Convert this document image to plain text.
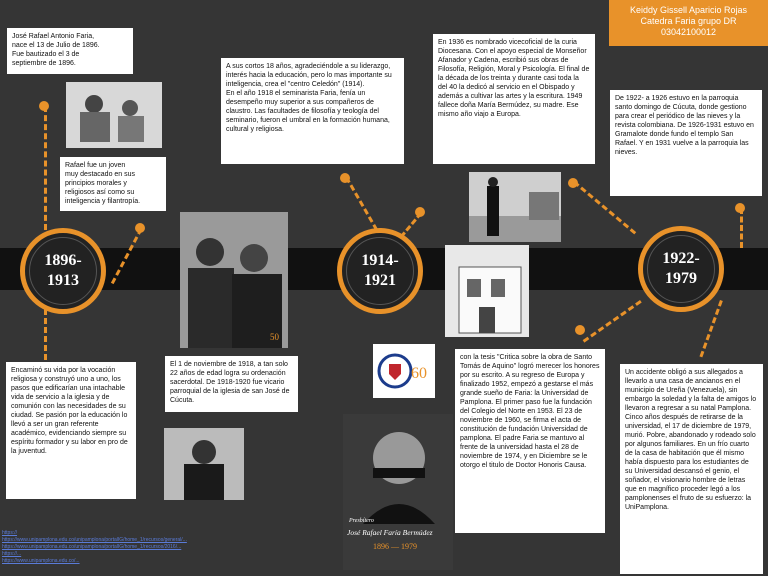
Keiddy Gissell Aparicio Rojas
Catedra Faria grupo DR
03042100012
1896-
1913
1914-
1921
1922-
1979
José Rafael Antonio Faria,
nace el 13 de Julio de 1896.
Fue bautizado el 3 de
septiembre de 1896.
Rafael fue un joven
muy destacado en sus
principios morales y
religiosos así como su
inteligencia y filantropía.
Encaminó su vida por la vocación religiosa y construyó uno a uno, los pasos que edificarían una intachable vida de servicio a la iglesia y de comunión con las necesidades de su ciudad. Se pasión por la educación lo llevó a ser un gran referente académico, evidenciando siempre su espíritu formador y su labor en pro de la juventud.
A sus cortos 18 años, agradeciéndole a su liderazgo, interés hacia la educación, pero lo mas importante su inteligencia, crea el "centro Celedón" (1914).
En el año 1918 el seminarista Faria, fenía un desempeño muy superior a sus compañeros de claustro. Las facultades de filosofía y teología del seminario, fueron el umbral en la formación humana, cultural y religiosa.
El 1 de noviembre de 1918, a tan solo 22 años de edad logra su ordenación sacerdotal. De 1918-1920 fue vicario parroquial de la iglesia de san José de Cúcuta.
En 1936 es nombrado vicecoficial de la curia Diocesana. Con el apoyo especial de Monseñor Afanador y Cadena, escribió sus obras de Filosofía, Religión, Moral y Psicología. El final de la década de los treinta y durante casi toda la del 40 la dedicó al servicio en el Obispado y además a cultivar las artes y la escritura. 1949 fallece doña María Bermúdez, su madre. Ese mismo año viajo a Europa.
De 1922- a 1926 estuvo en la parroquia santo domingo de Cúcuta, donde gestiono para crear el periódico de las nieves y la revista colombiana. De 1926-1931 estuvo en Gramalote donde fundo el templo San Rafael. Y en 1931 vuelve a la parroquia las nieves.
con la tesis "Critica sobre la obra de Santo Tomás de Aquino" logró merecer los honores por su escrito. A su regreso de Europa y finalizado 1952, empezó a gestarse el más grande sueño de Faria: la Universidad de Pamplona. El primer paso fue la fundación del Colegio del Norte en 1953. El 23 de noviembre de 1960, se firma el acta de constitución de fundación Universidad de pamplona. El padre Faria se mantuvo al frente de la universidad hasta el 28 de noviembre de 1974, y en Diciembre se le otorgo el titulo de Doctor Honoris Causa.
Un accidente obligó a sus allegados a llevarlo a una casa de ancianos en el municipio de Ureña (Venezuela), sin embargo la soledad y la falta de amigos lo llevaron a regresar a su natal Pamplona. Cinco años después de retirarse de la universidad, el 17 de diciembre de 1979, murió. Pobre, abandonado y rodeado solo por algunos familiares. En un frío cuarto de la casa de habitación que él mismo había dispuesto para los estudiantes de su Universidad descansó el genio, el soñador, el visionario hombre de letras que en magnífico proceder legó a los pamplonenses el fruto de su esfuerzo: la UniPamplona.
50
60
Presbítero
José Rafael Faría Bermúdez
1896 — 1979
https://
https://www.unipamplona.edu.co/unipamplona/portalIG/home_1/recursos/general/...
https://www.unipamplona.edu.co/unipamplona/portalIG/home_1/recursos/2016/...
https://...
https://www.unipamplona.edu.co/...
